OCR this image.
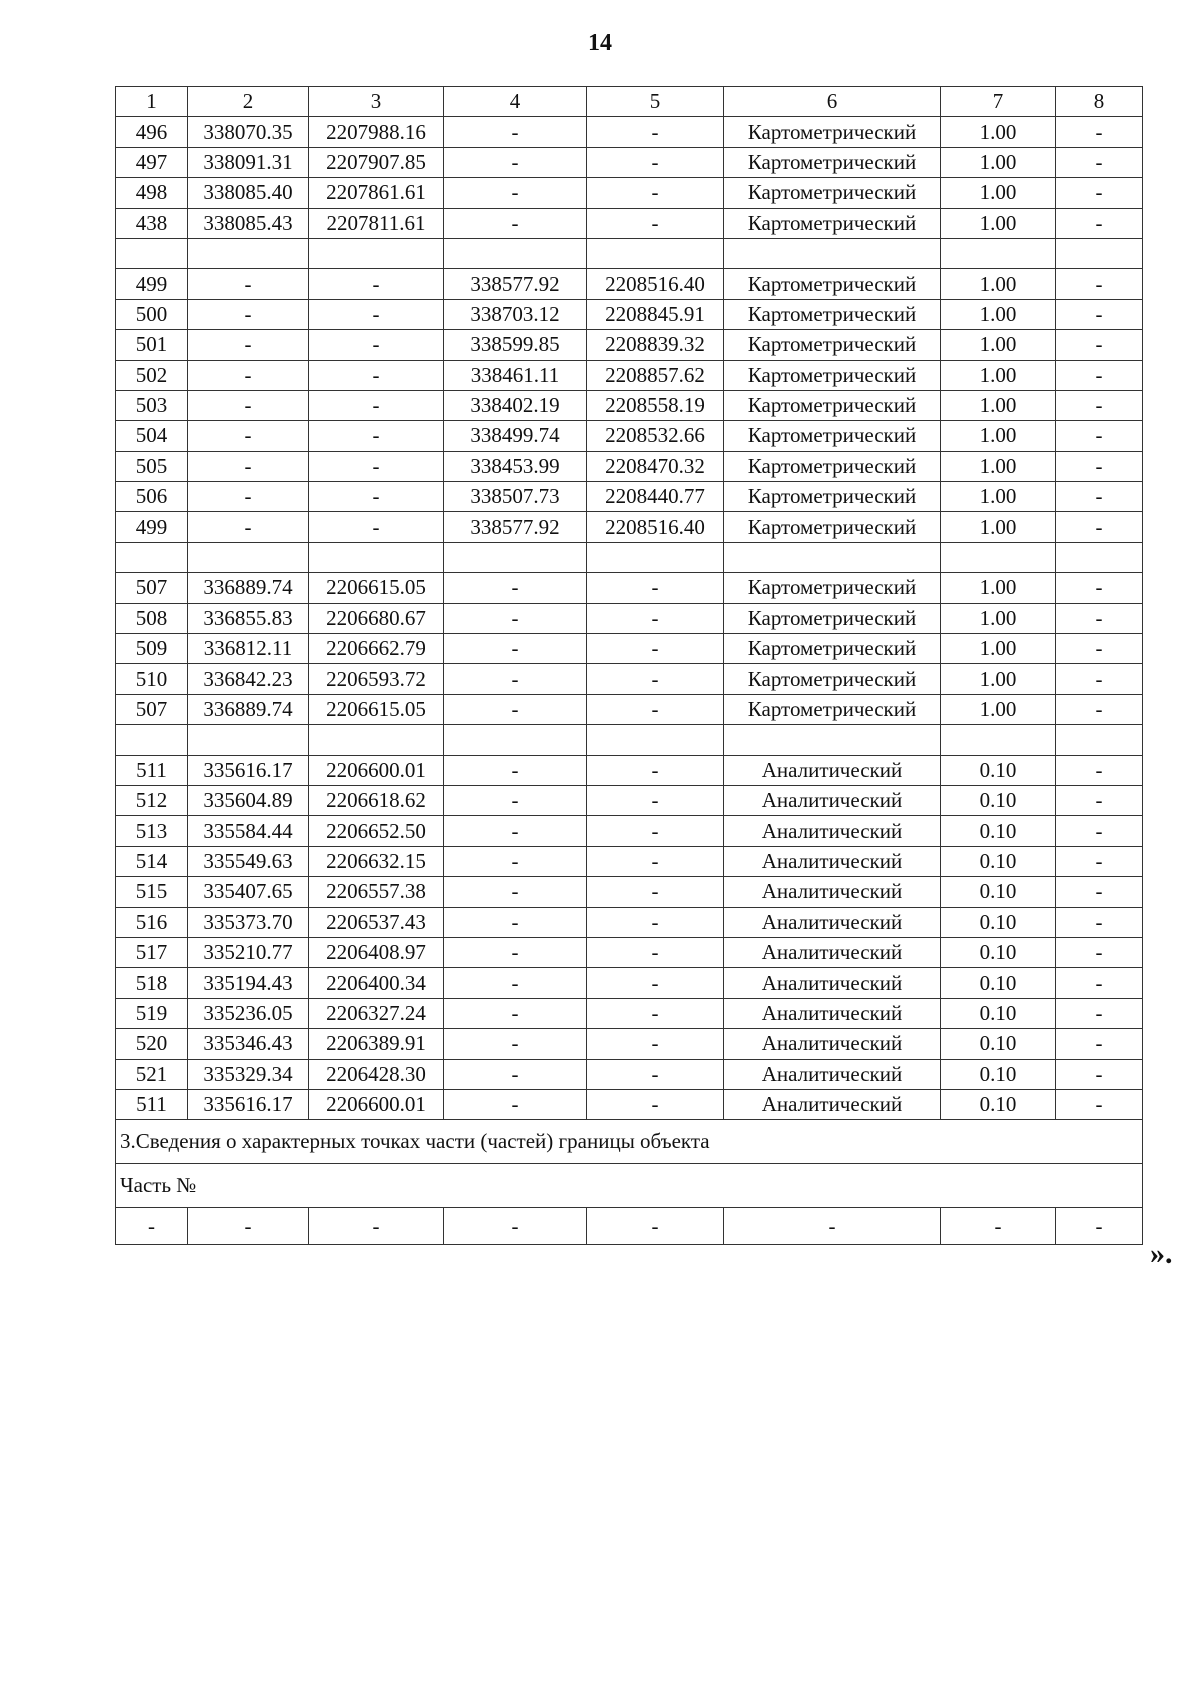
14
1	2	3	4	5	6	7	8
496	338070.35	2207988.16	-	-	Картометрический	1.00	-
497	338091.31	2207907.85	-	-	Картометрический	1.00	-
498	338085.40	2207861.61	-	-	Картометрический	1.00	-
438	338085.43	2207811.61	-	-	Картометрический	1.00	-

499	-	-	338577.92	2208516.40	Картометрический	1.00	-
500	-	-	338703.12	2208845.91	Картометрический	1.00	-
501	-	-	338599.85	2208839.32	Картометрический	1.00	-
502	-	-	338461.11	2208857.62	Картометрический	1.00	-
503	-	-	338402.19	2208558.19	Картометрический	1.00	-
504	-	-	338499.74	2208532.66	Картометрический	1.00	-
505	-	-	338453.99	2208470.32	Картометрический	1.00	-
506	-	-	338507.73	2208440.77	Картометрический	1.00	-
499	-	-	338577.92	2208516.40	Картометрический	1.00	-

507	336889.74	2206615.05	-	-	Картометрический	1.00	-
508	336855.83	2206680.67	-	-	Картометрический	1.00	-
509	336812.11	2206662.79	-	-	Картометрический	1.00	-
510	336842.23	2206593.72	-	-	Картометрический	1.00	-
507	336889.74	2206615.05	-	-	Картометрический	1.00	-

511	335616.17	2206600.01	-	-	Аналитический	0.10	-
512	335604.89	2206618.62	-	-	Аналитический	0.10	-
513	335584.44	2206652.50	-	-	Аналитический	0.10	-
514	335549.63	2206632.15	-	-	Аналитический	0.10	-
515	335407.65	2206557.38	-	-	Аналитический	0.10	-
516	335373.70	2206537.43	-	-	Аналитический	0.10	-
517	335210.77	2206408.97	-	-	Аналитический	0.10	-
518	335194.43	2206400.34	-	-	Аналитический	0.10	-
519	335236.05	2206327.24	-	-	Аналитический	0.10	-
520	335346.43	2206389.91	-	-	Аналитический	0.10	-
521	335329.34	2206428.30	-	-	Аналитический	0.10	-
511	335616.17	2206600.01	-	-	Аналитический	0.10	-
3.Сведения о характерных точках части (частей) границы объекта							
Часть №							
-	-	-	-	-	-	-	-
».
